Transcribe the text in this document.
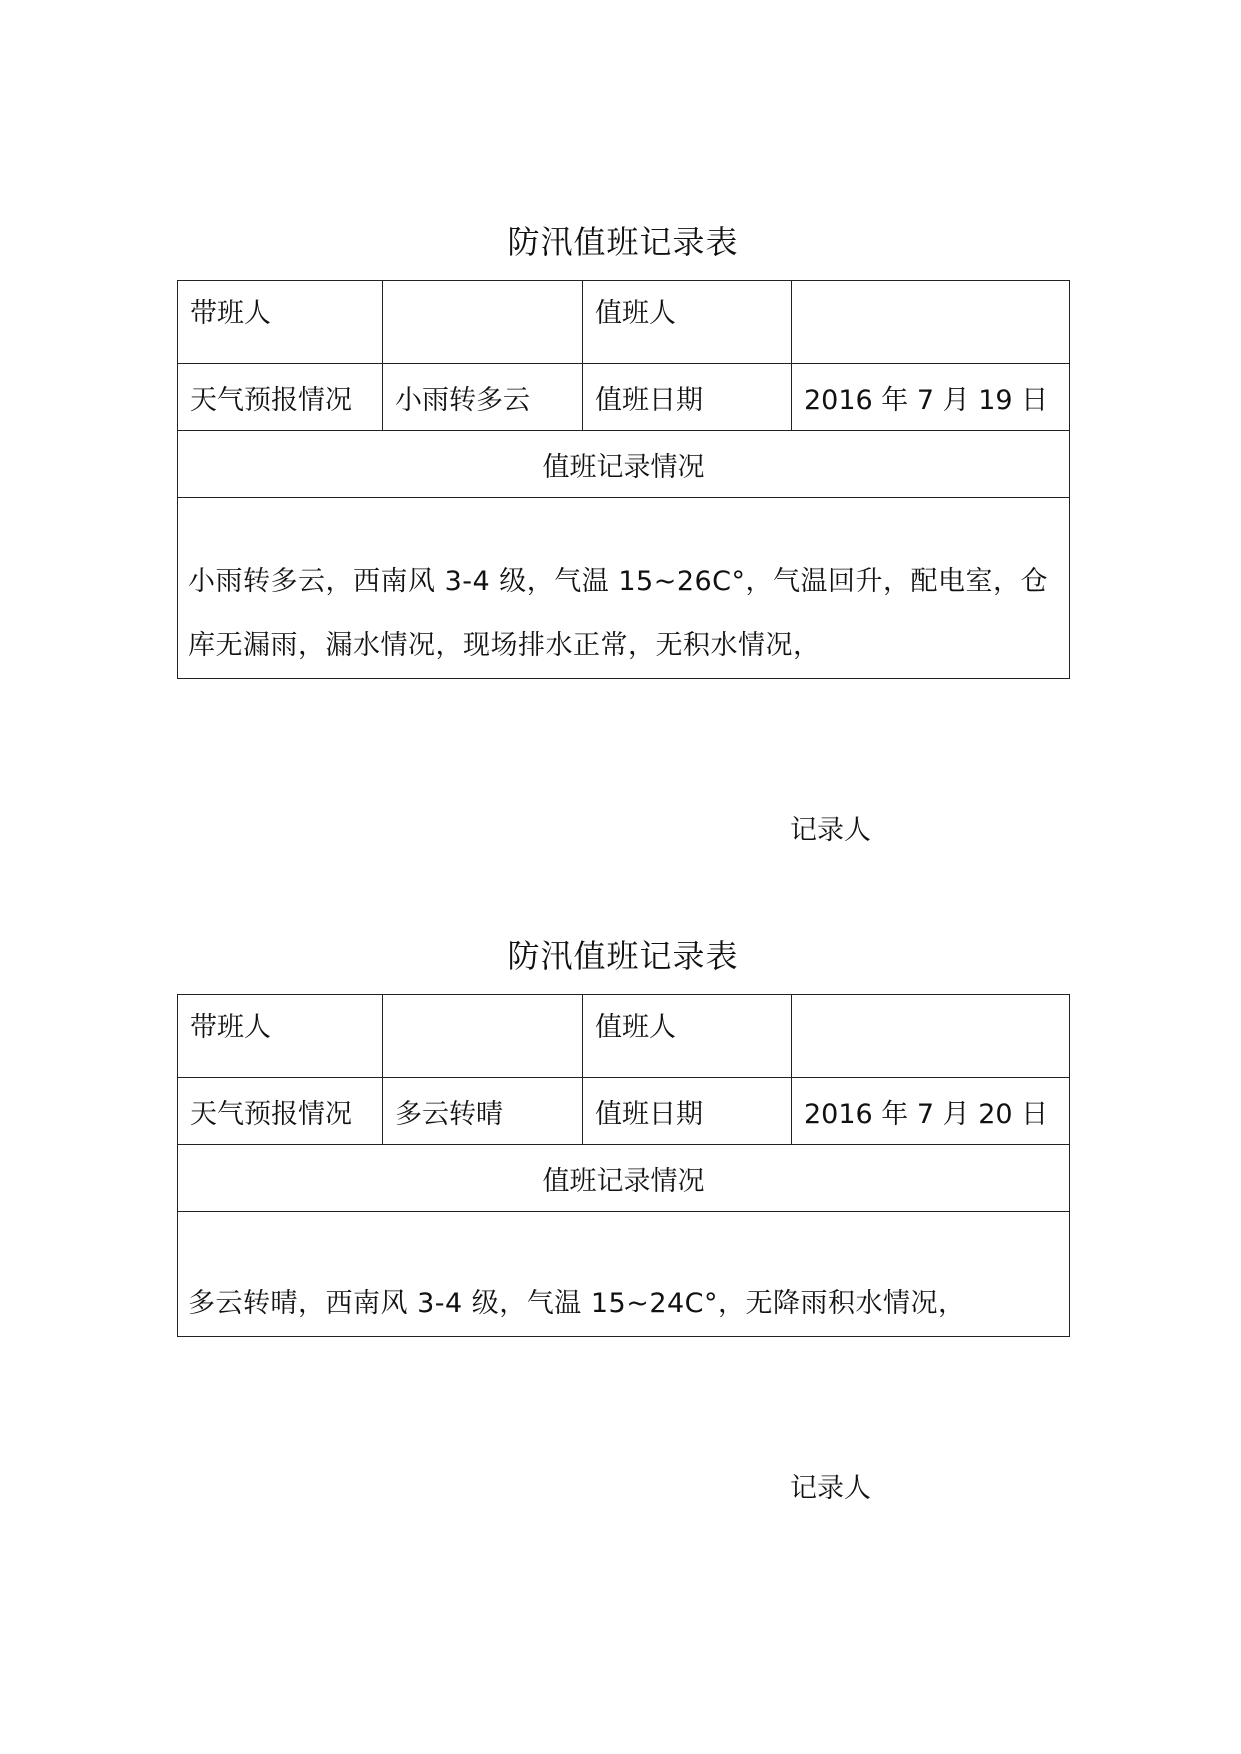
防汛值班记录表
带班人		值班人	
天气预报情况	小雨转多云	值班日期	2016 年 7 月 19 日
值班记录情况			

小雨转多云，西南风 3-4 级，气温 15~26C°，气温回升，配电室，仓
库无漏雨，漏水情况，现场排水正常，无积水情况，
记录人			
防汛值班记录表
带班人		值班人	
天气预报情况	多云转晴	值班日期	2016 年 7 月 20 日
值班记录情况			

多云转晴，西南风 3-4 级，气温 15~24C°，无降雨积水情况，
记录人			
